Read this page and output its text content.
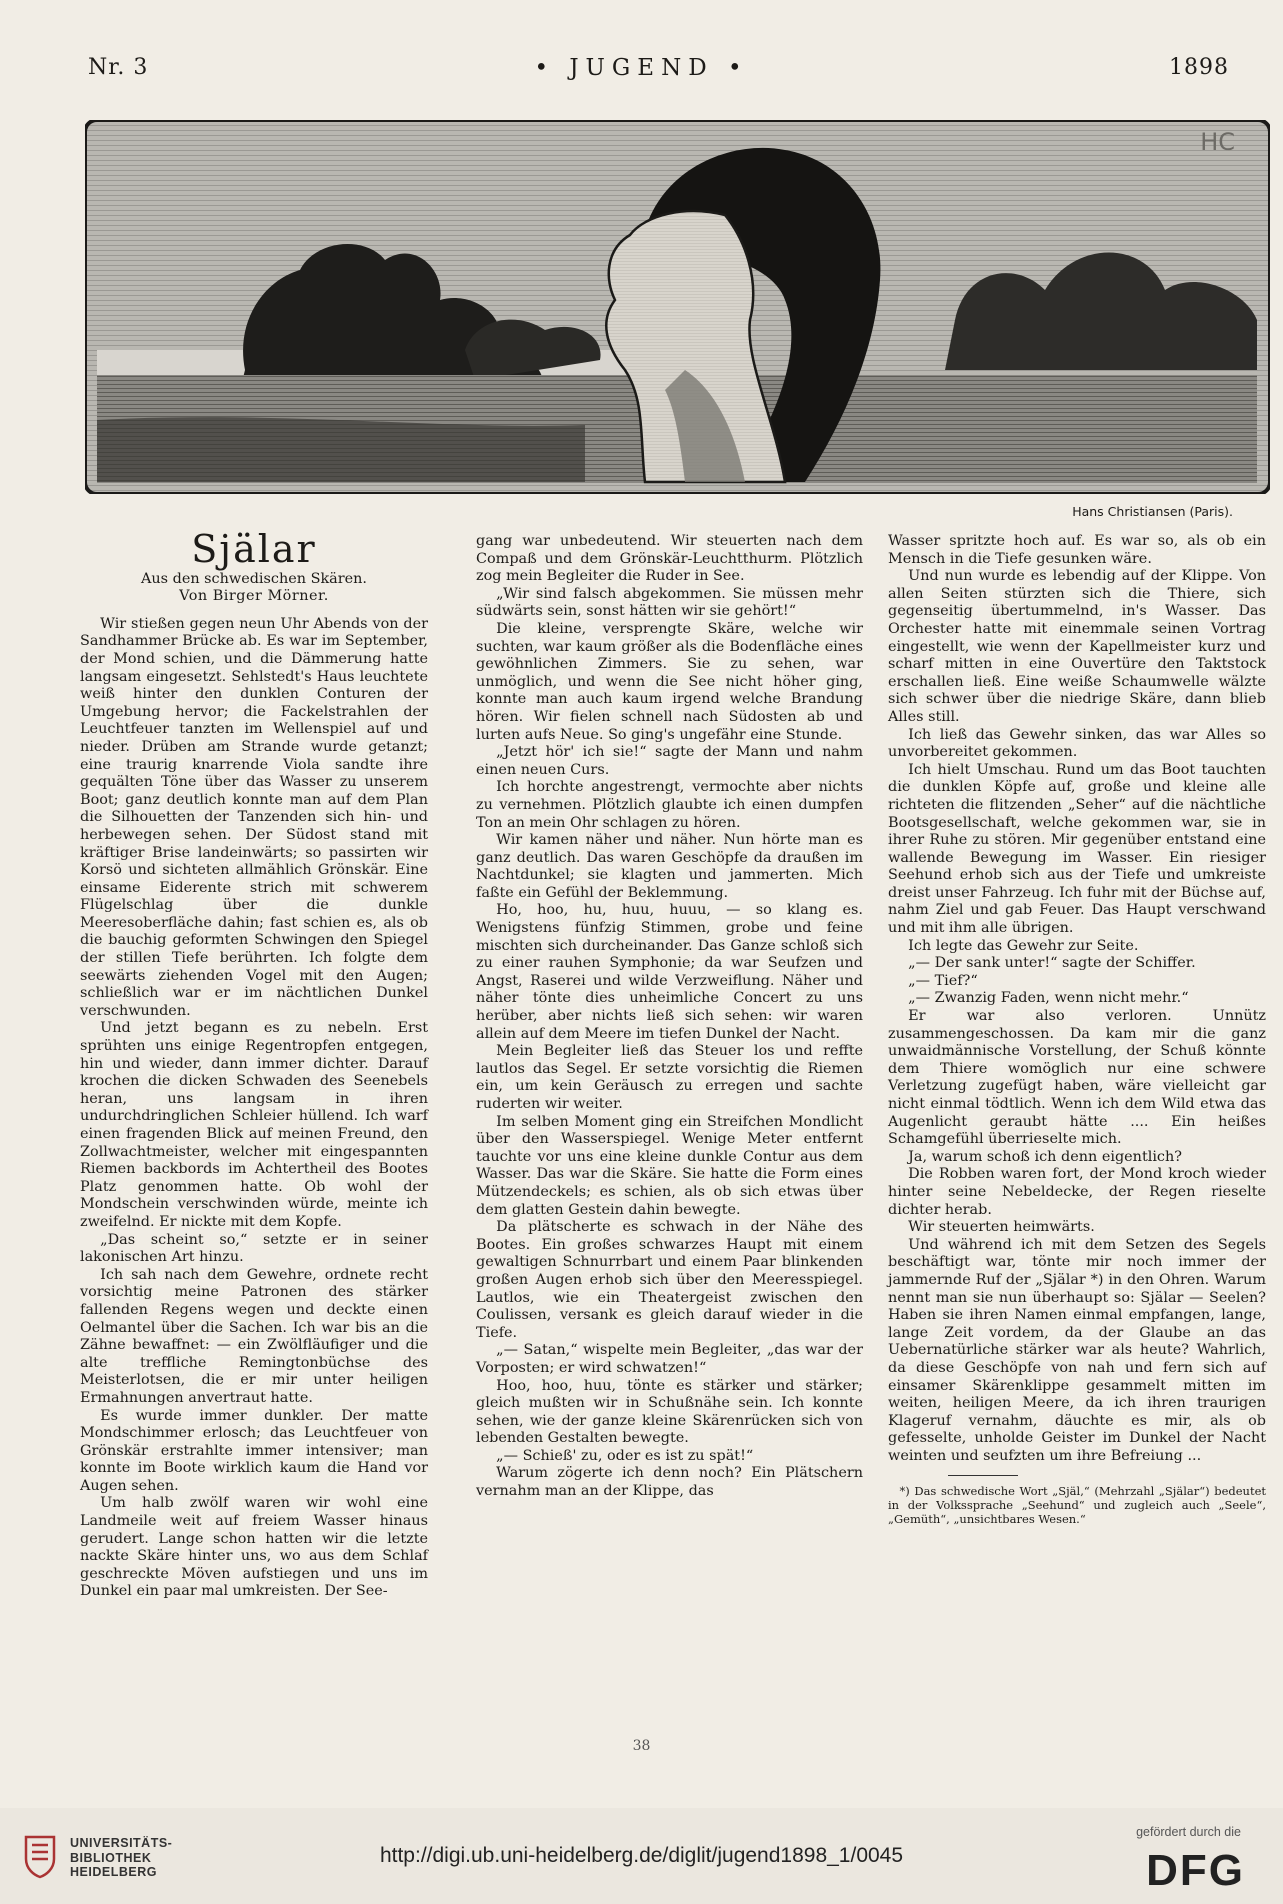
Nr. 3	• JUGEND •	1898
HC
Hans Christiansen (Paris).
Själar

Aus den schwedischen Skären.

Von Birger Mörner.

Wir stießen gegen neun Uhr Abends von der Sandhammer Brücke ab. Es war im September, der Mond schien, und die Dämmerung hatte langsam eingesetzt. Sehlstedt's Haus leuchtete weiß hinter den dunklen Conturen der Umgebung hervor; die Fackelstrahlen der Leuchtfeuer tanzten im Wellenspiel auf und nieder. Drüben am Strande wurde getanzt; eine traurig knarrende Viola sandte ihre gequälten Töne über das Wasser zu unserem Boot; ganz deutlich konnte man auf dem Plan die Silhouetten der Tanzenden sich hin- und herbewegen sehen. Der Südost stand mit kräftiger Brise landeinwärts; so passirten wir Korsö und sichteten allmählich Grönskär. Eine einsame Eiderente strich mit schwerem Flügelschlag über die dunkle Meeresoberfläche dahin; fast schien es, als ob die bauchig geformten Schwingen den Spiegel der stillen Tiefe berührten. Ich folgte dem seewärts ziehenden Vogel mit den Augen; schließlich war er im nächtlichen Dunkel verschwunden.

Und jetzt begann es zu nebeln. Erst sprühten uns einige Regentropfen entgegen, hin und wieder, dann immer dichter. Darauf krochen die dicken Schwaden des Seenebels heran, uns langsam in ihren undurchdringlichen Schleier hüllend. Ich warf einen fragenden Blick auf meinen Freund, den Zollwachtmeister, welcher mit eingespannten Riemen backbords im Achtertheil des Bootes Platz genommen hatte. Ob wohl der Mondschein verschwinden würde, meinte ich zweifelnd. Er nickte mit dem Kopfe.

„Das scheint so,“ setzte er in seiner lakonischen Art hinzu.

Ich sah nach dem Gewehre, ordnete recht vorsichtig meine Patronen des stärker fallenden Regens wegen und deckte einen Oelmantel über die Sachen. Ich war bis an die Zähne bewaffnet: — ein Zwölfläufiger und die alte treffliche Remingtonbüchse des Meisterlotsen, die er mir unter heiligen Ermahnungen anvertraut hatte.

Es wurde immer dunkler. Der matte Mondschimmer erlosch; das Leuchtfeuer von Grönskär erstrahlte immer intensiver; man konnte im Boote wirklich kaum die Hand vor Augen sehen.

Um halb zwölf waren wir wohl eine Landmeile weit auf freiem Wasser hinaus gerudert. Lange schon hatten wir die letzte nackte Skäre hinter uns, wo aus dem Schlaf geschreckte Möven aufstiegen und uns im Dunkel ein paar mal umkreisten. Der See-

gang war unbedeutend. Wir steuerten nach dem Compaß und dem Grönskär-Leuchtthurm. Plötzlich zog mein Begleiter die Ruder in See.

„Wir sind falsch abgekommen. Sie müssen mehr südwärts sein, sonst hätten wir sie gehört!“

Die kleine, versprengte Skäre, welche wir suchten, war kaum größer als die Bodenfläche eines gewöhnlichen Zimmers. Sie zu sehen, war unmöglich, und wenn die See nicht höher ging, konnte man auch kaum irgend welche Brandung hören. Wir fielen schnell nach Südosten ab und lurten aufs Neue. So ging's ungefähr eine Stunde.

„Jetzt hör' ich sie!“ sagte der Mann und nahm einen neuen Curs.

Ich horchte angestrengt, vermochte aber nichts zu vernehmen. Plötzlich glaubte ich einen dumpfen Ton an mein Ohr schlagen zu hören.

Wir kamen näher und näher. Nun hörte man es ganz deutlich. Das waren Geschöpfe da draußen im Nachtdunkel; sie klagten und jammerten. Mich faßte ein Gefühl der Beklemmung.

Ho, hoo, hu, huu, huuu, — so klang es. Wenigstens fünfzig Stimmen, grobe und feine mischten sich durcheinander. Das Ganze schloß sich zu einer rauhen Symphonie; da war Seufzen und Angst, Raserei und wilde Verzweiflung. Näher und näher tönte dies unheimliche Concert zu uns herüber, aber nichts ließ sich sehen: wir waren allein auf dem Meere im tiefen Dunkel der Nacht.

Mein Begleiter ließ das Steuer los und reffte lautlos das Segel. Er setzte vorsichtig die Riemen ein, um kein Geräusch zu erregen und sachte ruderten wir weiter.

Im selben Moment ging ein Streifchen Mondlicht über den Wasserspiegel. Wenige Meter entfernt tauchte vor uns eine kleine dunkle Contur aus dem Wasser. Das war die Skäre. Sie hatte die Form eines Mützendeckels; es schien, als ob sich etwas über dem glatten Gestein dahin bewegte.

Da plätscherte es schwach in der Nähe des Bootes. Ein großes schwarzes Haupt mit einem gewaltigen Schnurrbart und einem Paar blinkenden großen Augen erhob sich über den Meeresspiegel. Lautlos, wie ein Theatergeist zwischen den Coulissen, versank es gleich darauf wieder in die Tiefe.

„— Satan,“ wispelte mein Begleiter, „das war der Vorposten; er wird schwatzen!“

Hoo, hoo, huu, tönte es stärker und stärker; gleich mußten wir in Schußnähe sein. Ich konnte sehen, wie der ganze kleine Skärenrücken sich von lebenden Gestalten bewegte.

„— Schieß' zu, oder es ist zu spät!“

Warum zögerte ich denn noch? Ein Plätschern vernahm man an der Klippe, das

Wasser spritzte hoch auf. Es war so, als ob ein Mensch in die Tiefe gesunken wäre.

Und nun wurde es lebendig auf der Klippe. Von allen Seiten stürzten sich die Thiere, sich gegenseitig übertummelnd, in's Wasser. Das Orchester hatte mit einemmale seinen Vortrag eingestellt, wie wenn der Kapellmeister kurz und scharf mitten in eine Ouvertüre den Taktstock erschallen ließ. Eine weiße Schaumwelle wälzte sich schwer über die niedrige Skäre, dann blieb Alles still.

Ich ließ das Gewehr sinken, das war Alles so unvorbereitet gekommen.

Ich hielt Umschau. Rund um das Boot tauchten die dunklen Köpfe auf, große und kleine alle richteten die flitzenden „Seher“ auf die nächtliche Bootsgesellschaft, welche gekommen war, sie in ihrer Ruhe zu stören. Mir gegenüber entstand eine wallende Bewegung im Wasser. Ein riesiger Seehund erhob sich aus der Tiefe und umkreiste dreist unser Fahrzeug. Ich fuhr mit der Büchse auf, nahm Ziel und gab Feuer. Das Haupt verschwand und mit ihm alle übrigen.

Ich legte das Gewehr zur Seite.

„— Der sank unter!“ sagte der Schiffer.

„— Tief?“

„— Zwanzig Faden, wenn nicht mehr.“

Er war also verloren. Unnütz zusammengeschossen. Da kam mir die ganz unwaidmännische Vorstellung, der Schuß könnte dem Thiere womöglich nur eine schwere Verletzung zugefügt haben, wäre vielleicht gar nicht einmal tödtlich. Wenn ich dem Wild etwa das Augenlicht geraubt hätte .... Ein heißes Schamgefühl überrieselte mich.

Ja, warum schoß ich denn eigentlich?

Die Robben waren fort, der Mond kroch wieder hinter seine Nebeldecke, der Regen rieselte dichter herab.

Wir steuerten heimwärts.

Und während ich mit dem Setzen des Segels beschäftigt war, tönte mir noch immer der jammernde Ruf der „Själar *) in den Ohren. Warum nennt man sie nun überhaupt so: Själar — Seelen? Haben sie ihren Namen einmal empfangen, lange, lange Zeit vordem, da der Glaube an das Uebernatürliche stärker war als heute? Wahrlich, da diese Geschöpfe von nah und fern sich auf einsamer Skärenklippe gesammelt mitten im weiten, heiligen Meere, da ich ihren traurigen Klageruf vernahm, däuchte es mir, als ob gefesselte, unholde Geister im Dunkel der Nacht weinten und seufzten um ihre Befreiung ...

*) Das schwedische Wort „Själ,“ (Mehrzahl „Själar“) bedeutet in der Volkssprache „Seehund“ und zugleich auch „Seele“, „Gemüth“, „unsichtbares Wesen.“

38
UNIVERSITÄTS-
BIBLIOTHEK
HEIDELBERG
http://digi.ub.uni-heidelberg.de/diglit/jugend1898_1/0045
gefördert durch die
DFG
